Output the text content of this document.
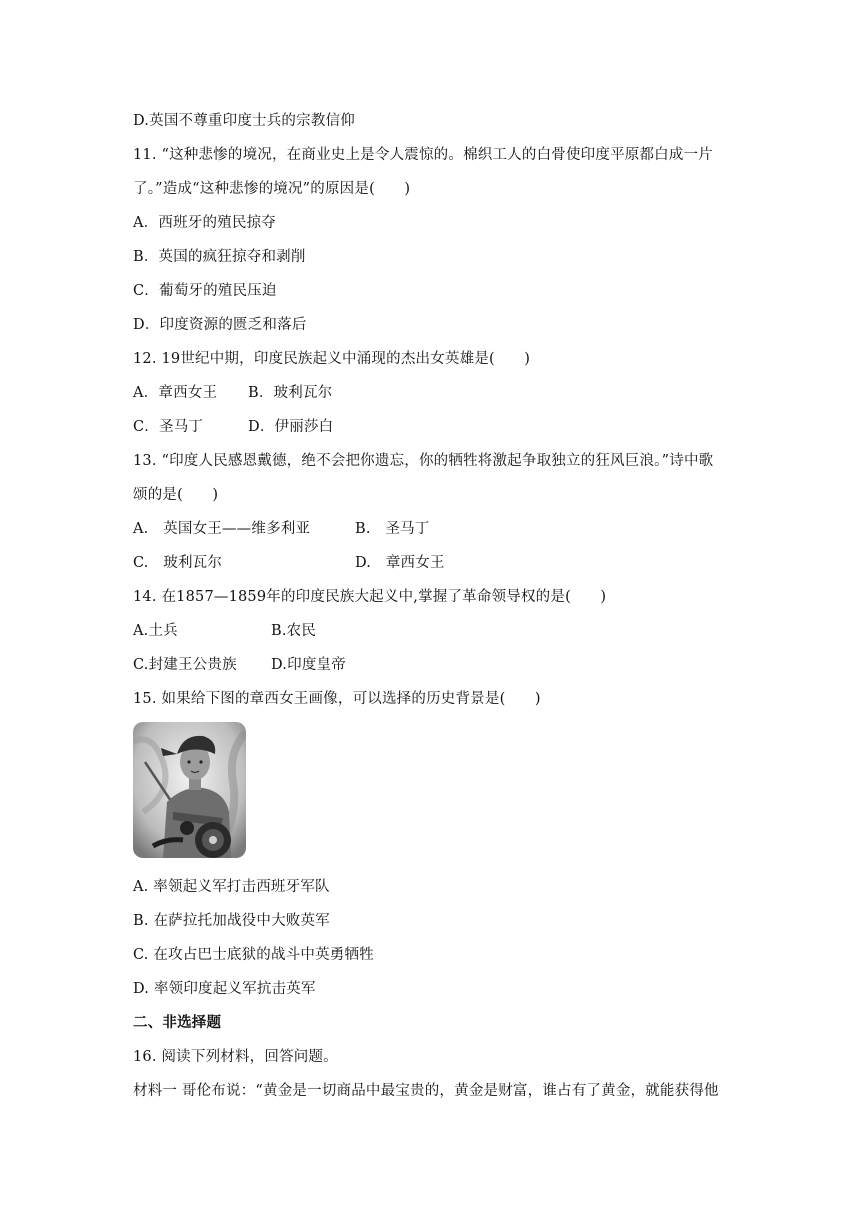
D.英国不尊重印度士兵的宗教信仰
11. “这种悲惨的境况，在商业史上是令人震惊的。棉织工人的白骨使印度平原都白成一片
了。”造成“这种悲惨的境况”的原因是(　　)
A．西班牙的殖民掠夺
B．英国的疯狂掠夺和剥削
C．葡萄牙的殖民压迫
D．印度资源的匮乏和落后
12. 19世纪中期，印度民族起义中涌现的杰出女英雄是(　　)
A．章西女王	B．玻利瓦尔
C．圣马丁	D．伊丽莎白
13. “印度人民感恩戴德，绝不会把你遗忘，你的牺牲将激起争取独立的狂风巨浪。”诗中歌
颂的是(　　)
A.　英国女王——维多利亚	B.　圣马丁
C.　玻利瓦尔	D.　章西女王
14. 在1857—1859年的印度民族大起义中,掌握了革命领导权的是(　　)
A.土兵	B.农民
C.封建王公贵族	D.印度皇帝
15. 如果给下图的章西女王画像，可以选择的历史背景是(　　)
A. 率领起义军打击西班牙军队
B. 在萨拉托加战役中大败英军
C. 在攻占巴士底狱的战斗中英勇牺牲
D. 率领印度起义军抗击英军
二、非选择题
16. 阅读下列材料，回答问题。
材料一 哥伦布说：“黄金是一切商品中最宝贵的，黄金是财富，谁占有了黄金，就能获得他
